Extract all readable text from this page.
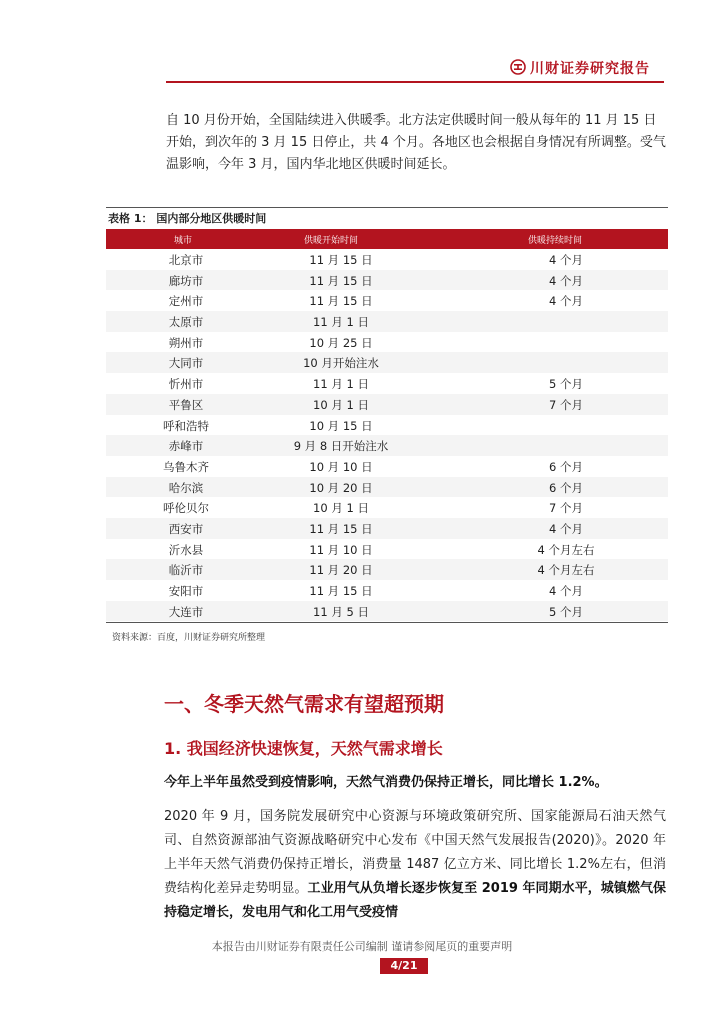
川财证券研究报告

自 10 月份开始，全国陆续进入供暖季。北方法定供暖时间一般从每年的 11 月 15 日开始，到次年的 3 月 15 日停止，共 4 个月。各地区也会根据自身情况有所调整。受气温影响，今年 3 月，国内华北地区供暖时间延长。

表格 1： 国内部分地区供暖时间
城市	供暖开始时间	供暖持续时间
北京市	11 月 15 日	4 个月
廊坊市	11 月 15 日	4 个月
定州市	11 月 15 日	4 个月
太原市	11 月 1 日
朔州市	10 月 25 日
大同市	10 月开始注水
忻州市	11 月 1 日	5 个月
平鲁区	10 月 1 日	7 个月
呼和浩特	10 月 15 日
赤峰市	9 月 8 日开始注水
乌鲁木齐	10 月 10 日	6 个月
哈尔滨	10 月 20 日	6 个月
呼伦贝尔	10 月 1 日	7 个月
西安市	11 月 15 日	4 个月
沂水县	11 月 10 日	4 个月左右
临沂市	11 月 20 日	4 个月左右
安阳市	11 月 15 日	4 个月
大连市	11 月 5 日	5 个月
资料来源：百度，川财证券研究所整理
一、冬季天然气需求有望超预期
1. 我国经济快速恢复，天然气需求增长
今年上半年虽然受到疫情影响，天然气消费仍保持正增长，同比增长 1.2%。

2020 年 9 月，国务院发展研究中心资源与环境政策研究所、国家能源局石油天然气司、自然资源部油气资源战略研究中心发布《中国天然气发展报告(2020)》。2020 年上半年天然气消费仍保持正增长，消费量 1487 亿立方米、同比增长 1.2%左右，但消费结构化差异走势明显。工业用气从负增长逐步恢复至 2019 年同期水平，城镇燃气保持稳定增长，发电用气和化工用气受疫情

本报告由川财证券有限责任公司编制 谨请参阅尾页的重要声明
4/21
